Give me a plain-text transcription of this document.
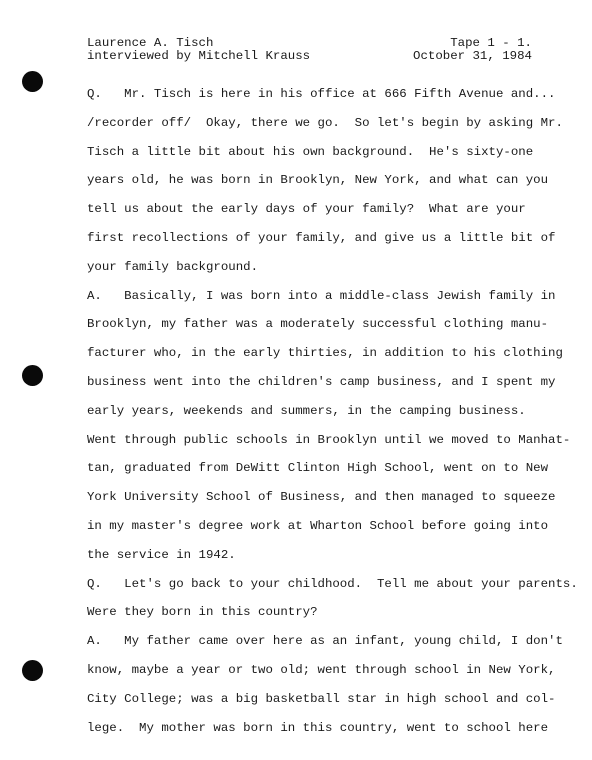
Laurence A. Tisch	Tape 1 - 1.
interviewed by Mitchell Krauss	October 31, 1984
Q.   Mr. Tisch is here in his office at 666 Fifth Avenue and...
/recorder off/  Okay, there we go.  So let's begin by asking Mr.
Tisch a little bit about his own background.  He's sixty-one
years old, he was born in Brooklyn, New York, and what can you
tell us about the early days of your family?  What are your
first recollections of your family, and give us a little bit of
your family background.
A.   Basically, I was born into a middle-class Jewish family in
Brooklyn, my father was a moderately successful clothing manu-
facturer who, in the early thirties, in addition to his clothing
business went into the children's camp business, and I spent my
early years, weekends and summers, in the camping business.
Went through public schools in Brooklyn until we moved to Manhat-
tan, graduated from DeWitt Clinton High School, went on to New
York University School of Business, and then managed to squeeze
in my master's degree work at Wharton School before going into
the service in 1942.
Q.   Let's go back to your childhood.  Tell me about your parents.
Were they born in this country?
A.   My father came over here as an infant, young child, I don't
know, maybe a year or two old; went through school in New York,
City College; was a big basketball star in high school and col-
lege.  My mother was born in this country, went to school here
